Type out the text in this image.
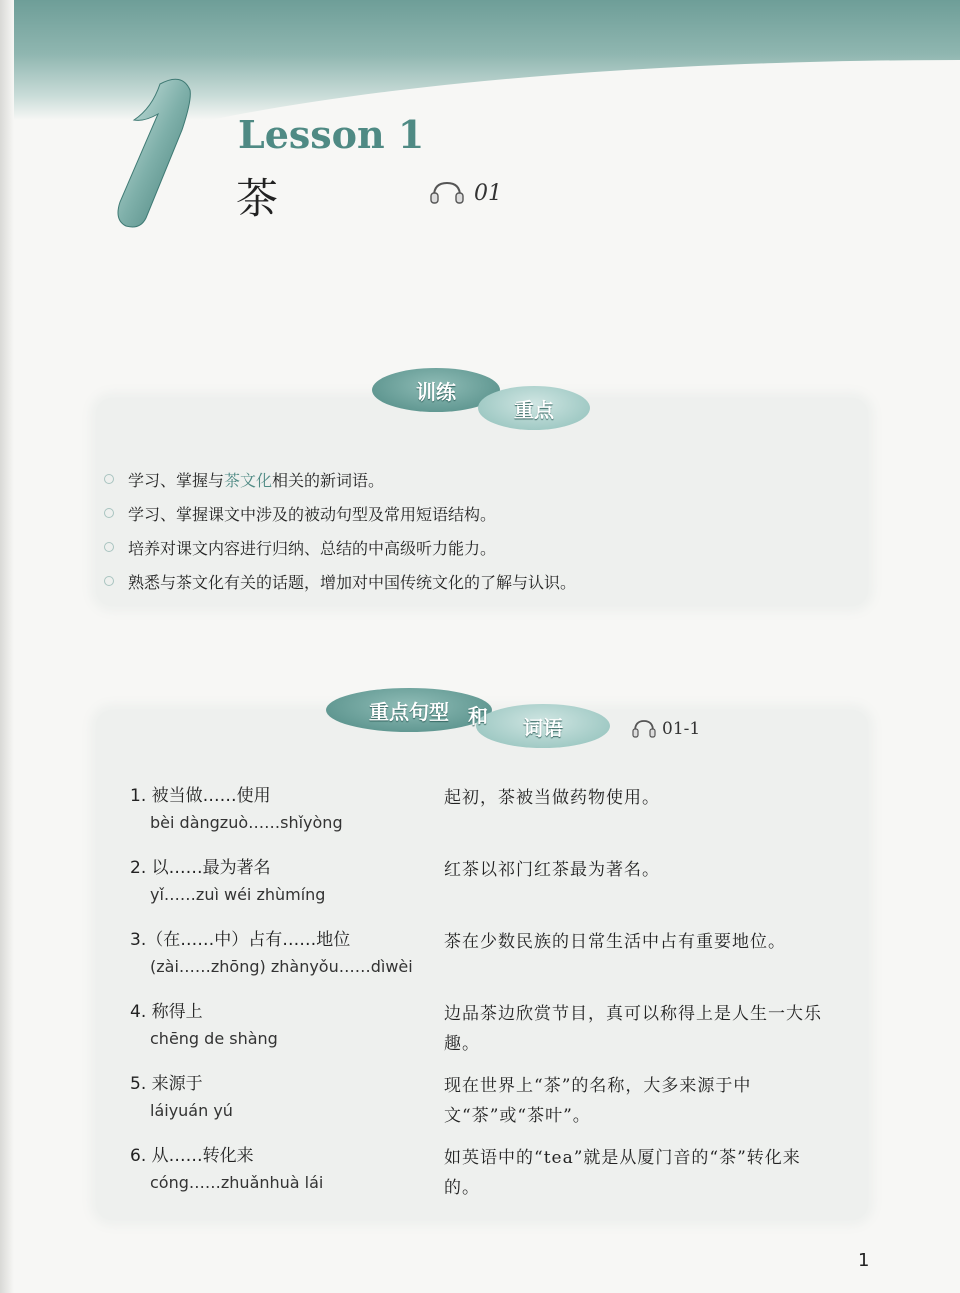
Lesson 1
茶	01
训练
重点
学习、掌握与 茶文化 相关的新词语。
学习、掌握课文中涉及的被动句型及常用短语结构。
培养对课文内容进行归纳、总结的中高级听力能力。
熟悉与茶文化有关的话题，增加对中国传统文化的了解与认识。
重点句型
词语
和
01-1
1. 被当做……使用
bèi dàngzuò……shǐyòng
起初，茶被当做药物使用。
2. 以……最为著名
yǐ……zuì wéi zhùmíng
红茶以祁门红茶最为著名。
3.（在……中）占有……地位
(zài……zhōng) zhànyǒu……dìwèi
茶在少数民族的日常生活中占有重要地位。
4. 称得上
chēng de shàng
边品茶边欣赏节目，真可以称得上是人生一大乐趣。
5. 来源于
láiyuán yú
现在世界上“茶”的名称，大多来源于中文“茶”或“茶叶”。
6. 从……转化来
cóng……zhuǎnhuà lái
如英语中的“tea”就是从厦门音的“茶”转化来的。
1
